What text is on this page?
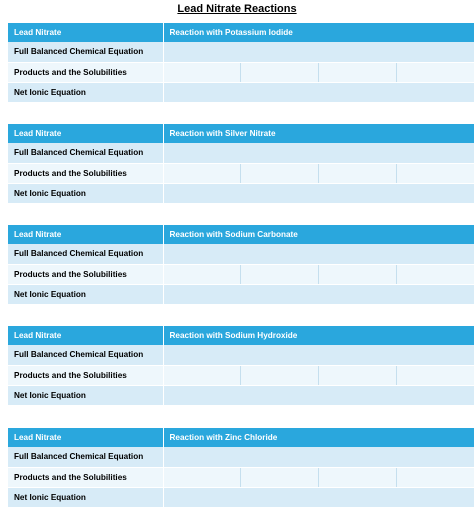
Lead Nitrate Reactions
Lead Nitrate	Reaction with Potassium Iodide			
Full Balanced Chemical Equation				
Products and the Solubilities				
Net Ionic Equation				
Lead Nitrate	Reaction with Silver Nitrate			
Full Balanced Chemical Equation				
Products and the Solubilities				
Net Ionic Equation				
Lead Nitrate	Reaction with Sodium Carbonate			
Full Balanced Chemical Equation				
Products and the Solubilities				
Net Ionic Equation				
Lead Nitrate	Reaction with Sodium Hydroxide			
Full Balanced Chemical Equation				
Products and the Solubilities				
Net Ionic Equation				
Lead Nitrate	Reaction with Zinc Chloride			
Full Balanced Chemical Equation				
Products and the Solubilities				
Net Ionic Equation				
